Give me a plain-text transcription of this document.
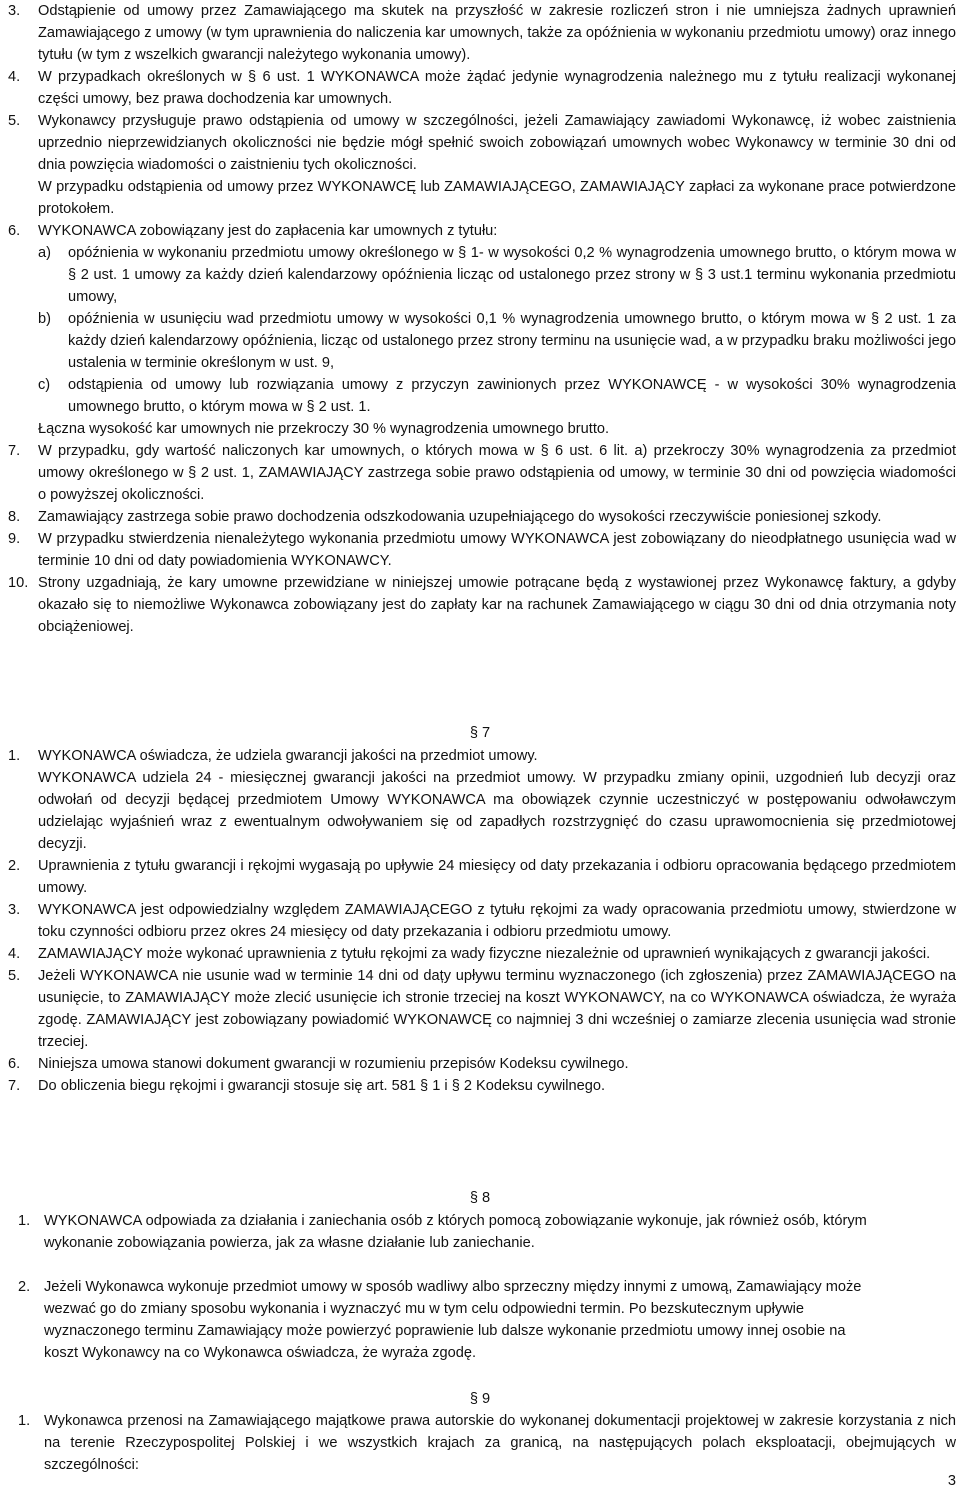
3.	Odstąpienie od umowy przez Zamawiającego ma skutek na przyszłość w zakresie rozliczeń stron i nie umniejsza żadnych uprawnień Zamawiającego z umowy (w tym uprawnienia do naliczenia kar umownych, także za opóźnienia w wykonaniu przedmiotu umowy) oraz innego tytułu (w tym z wszelkich gwarancji należytego wykonania umowy).
4.	W przypadkach określonych w § 6 ust. 1 WYKONAWCA może żądać jedynie wynagrodzenia należnego mu z tytułu realizacji wykonanej części umowy, bez prawa dochodzenia kar umownych.
5.	Wykonawcy przysługuje prawo odstąpienia od umowy w szczególności, jeżeli Zamawiający zawiadomi Wykonawcę, iż wobec zaistnienia uprzednio nieprzewidzianych okoliczności nie będzie mógł spełnić swoich zobowiązań umownych wobec Wykonawcy w terminie 30 dni od dnia powzięcia wiadomości o zaistnieniu tych okoliczności.
W przypadku odstąpienia od umowy przez WYKONAWCĘ lub ZAMAWIAJĄCEGO, ZAMAWIAJĄCY zapłaci za wykonane prace potwierdzone protokołem.
6.	WYKONAWCA zobowiązany jest do zapłacenia kar umownych z tytułu:
a)	opóźnienia w wykonaniu przedmiotu umowy określonego w § 1- w wysokości 0,2 % wynagrodzenia umownego brutto, o którym mowa w § 2 ust. 1 umowy za każdy dzień kalendarzowy opóźnienia licząc od ustalonego przez strony w § 3 ust.1 terminu wykonania przedmiotu umowy,
b)	opóźnienia w usunięciu wad przedmiotu umowy w wysokości 0,1 % wynagrodzenia umownego brutto, o którym mowa w § 2 ust. 1 za każdy dzień kalendarzowy opóźnienia, licząc od ustalonego przez strony terminu na usunięcie wad, a w przypadku braku możliwości jego ustalenia w terminie określonym w ust. 9,
c)	odstąpienia od umowy lub rozwiązania umowy z przyczyn zawinionych przez WYKONAWCĘ - w wysokości 30% wynagrodzenia umownego brutto, o którym mowa w § 2 ust. 1.
Łączna wysokość kar umownych nie przekroczy 30 % wynagrodzenia umownego brutto.
7.	W przypadku, gdy wartość naliczonych kar umownych, o których mowa w § 6 ust. 6 lit. a) przekroczy 30% wynagrodzenia za przedmiot umowy określonego w § 2 ust. 1, ZAMAWIAJĄCY zastrzega sobie prawo odstąpienia od umowy, w terminie 30 dni od powzięcia wiadomości o powyższej okoliczności.
8.	Zamawiający zastrzega sobie prawo dochodzenia odszkodowania uzupełniającego do wysokości rzeczywiście poniesionej szkody.
9.	W przypadku stwierdzenia nienależytego wykonania przedmiotu umowy WYKONAWCA jest zobowiązany do nieodpłatnego usunięcia wad w terminie 10 dni od daty powiadomienia WYKONAWCY.
10. Strony uzgadniają, że kary umowne przewidziane w niniejszej umowie potrącane będą z wystawionej przez Wykonawcę faktury, a gdyby okazało się to niemożliwe Wykonawca zobowiązany jest do zapłaty kar na rachunek Zamawiającego w ciągu 30 dni od dnia otrzymania noty obciążeniowej.
§ 7
1.	WYKONAWCA oświadcza, że udziela gwarancji jakości na przedmiot umowy.
WYKONAWCA udziela 24 - miesięcznej gwarancji jakości na przedmiot umowy. W przypadku zmiany opinii, uzgodnień lub decyzji oraz odwołań od decyzji będącej przedmiotem Umowy WYKONAWCA ma obowiązek czynnie uczestniczyć w postępowaniu odwoławczym udzielając wyjaśnień wraz z ewentualnym odwoływaniem się od zapadłych rozstrzygnięć do czasu uprawomocnienia się przedmiotowej decyzji.
2.	Uprawnienia z tytułu gwarancji i rękojmi wygasają po upływie 24 miesięcy od daty przekazania i odbioru opracowania będącego przedmiotem umowy.
3.	WYKONAWCA jest odpowiedzialny względem ZAMAWIAJĄCEGO z tytułu rękojmi za wady opracowania przedmiotu umowy, stwierdzone w toku czynności odbioru przez okres 24 miesięcy od daty przekazania i odbioru przedmiotu umowy.
4.	ZAMAWIAJĄCY może wykonać uprawnienia z tytułu rękojmi za wady fizyczne niezależnie od uprawnień wynikających z gwarancji jakości.
5.	Jeżeli WYKONAWCA nie usunie wad w terminie 14 dni od dațy upływu terminu wyznaczonego (ich zgłoszenia) przez ZAMAWIAJĄCEGO na usunięcie, to ZAMAWIAJĄCY może zlecić usunięcie ich stronie trzeciej na koszt WYKONAWCY, na co WYKONAWCA oświadcza, że wyraża zgodę. ZAMAWIAJĄCY jest zobowiązany powiadomić WYKONAWCĘ co najmniej 3 dni wcześniej o zamiarze zlecenia usunięcia wad stronie trzeciej.
6.	Niniejsza umowa stanowi dokument gwarancji w rozumieniu przepisów Kodeksu cywilnego.
7.	Do obliczenia biegu rękojmi i gwarancji stosuje się art. 581 § 1 i § 2 Kodeksu cywilnego.
§ 8
1. WYKONAWCA odpowiada za działania i zaniechania osób z których pomocą zobowiązanie wykonuje, jak również osób, którym wykonanie zobowiązania powierza, jak za własne działanie lub zaniechanie.
2. Jeżeli Wykonawca wykonuje przedmiot umowy w sposób wadliwy albo sprzeczny między innymi z umową, Zamawiający może wezwać go do zmiany sposobu wykonania i wyznaczyć mu w tym celu odpowiedni termin. Po bezskutecznym upływie wyznaczonego terminu Zamawiający może powierzyć poprawienie lub dalsze wykonanie przedmiotu umowy innej osobie na koszt Wykonawcy na co Wykonawca oświadcza, że wyraża zgodę.
§ 9
1. Wykonawca przenosi na Zamawiającego majątkowe prawa autorskie do wykonanej dokumentacji projektowej w zakresie korzystania z nich na terenie Rzeczypospolitej Polskiej i we wszystkich krajach za granicą, na następujących polach eksploatacji, obejmujących w szczególności:
3
